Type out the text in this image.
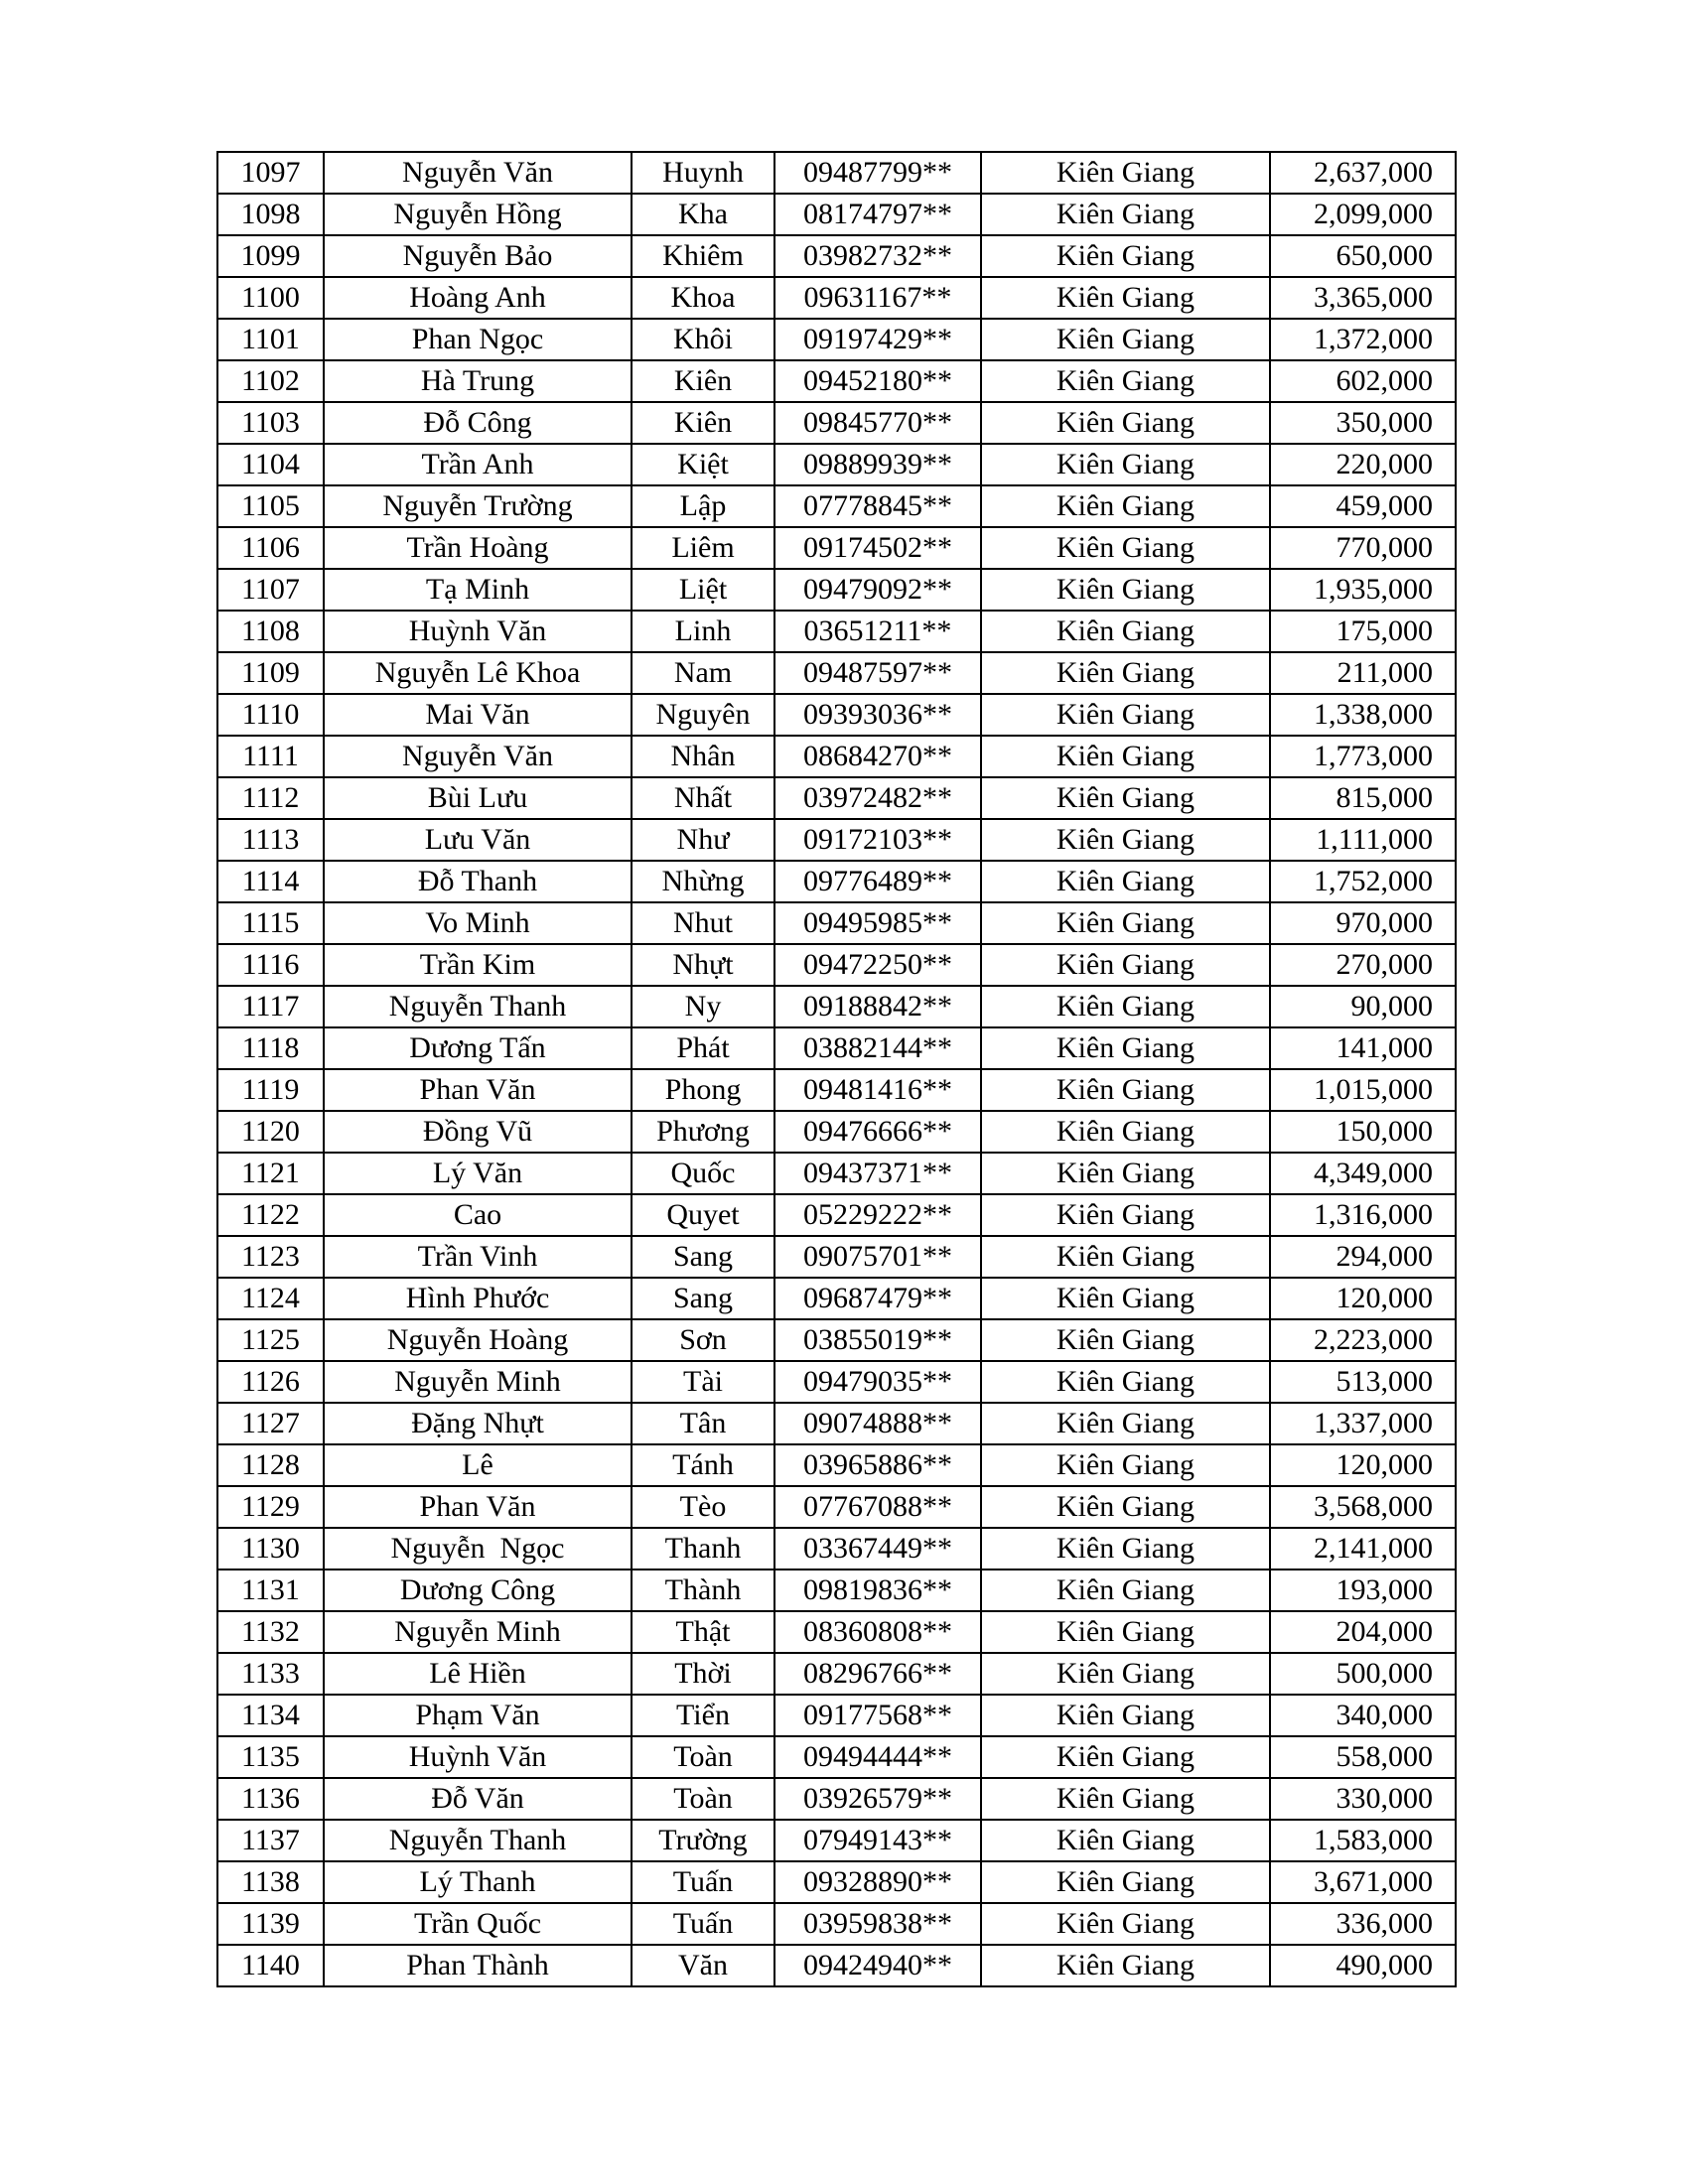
1097	Nguyễn Văn	Huynh	09487799**	Kiên Giang	2,637,000
1098	Nguyễn Hồng	Kha	08174797**	Kiên Giang	2,099,000
1099	Nguyễn Bảo	Khiêm	03982732**	Kiên Giang	650,000
1100	Hoàng Anh	Khoa	09631167**	Kiên Giang	3,365,000
1101	Phan Ngọc	Khôi	09197429**	Kiên Giang	1,372,000
1102	Hà Trung	Kiên	09452180**	Kiên Giang	602,000
1103	Đỗ Công	Kiên	09845770**	Kiên Giang	350,000
1104	Trần Anh	Kiệt	09889939**	Kiên Giang	220,000
1105	Nguyễn Trường	Lập	07778845**	Kiên Giang	459,000
1106	Trần Hoàng	Liêm	09174502**	Kiên Giang	770,000
1107	Tạ Minh	Liệt	09479092**	Kiên Giang	1,935,000
1108	Huỳnh Văn	Linh	03651211**	Kiên Giang	175,000
1109	Nguyễn Lê Khoa	Nam	09487597**	Kiên Giang	211,000
1110	Mai Văn	Nguyên	09393036**	Kiên Giang	1,338,000
1111	Nguyễn Văn	Nhân	08684270**	Kiên Giang	1,773,000
1112	Bùi Lưu	Nhất	03972482**	Kiên Giang	815,000
1113	Lưu Văn	Như	09172103**	Kiên Giang	1,111,000
1114	Đỗ Thanh	Nhừng	09776489**	Kiên Giang	1,752,000
1115	Vo Minh	Nhut	09495985**	Kiên Giang	970,000
1116	Trần Kim	Nhựt	09472250**	Kiên Giang	270,000
1117	Nguyễn Thanh	Ny	09188842**	Kiên Giang	90,000
1118	Dương Tấn	Phát	03882144**	Kiên Giang	141,000
1119	Phan Văn	Phong	09481416**	Kiên Giang	1,015,000
1120	Đồng Vũ	Phương	09476666**	Kiên Giang	150,000
1121	Lý Văn	Quốc	09437371**	Kiên Giang	4,349,000
1122	Cao	Quyet	05229222**	Kiên Giang	1,316,000
1123	Trần Vinh	Sang	09075701**	Kiên Giang	294,000
1124	Hình Phước	Sang	09687479**	Kiên Giang	120,000
1125	Nguyễn Hoàng	Sơn	03855019**	Kiên Giang	2,223,000
1126	Nguyễn Minh	Tài	09479035**	Kiên Giang	513,000
1127	Đặng Nhựt	Tân	09074888**	Kiên Giang	1,337,000
1128	Lê	Tánh	03965886**	Kiên Giang	120,000
1129	Phan Văn	Tèo	07767088**	Kiên Giang	3,568,000
1130	Nguyễn  Ngọc	Thanh	03367449**	Kiên Giang	2,141,000
1131	Dương Công	Thành	09819836**	Kiên Giang	193,000
1132	Nguyễn Minh	Thật	08360808**	Kiên Giang	204,000
1133	Lê Hiền	Thời	08296766**	Kiên Giang	500,000
1134	Phạm Văn	Tiển	09177568**	Kiên Giang	340,000
1135	Huỳnh Văn	Toàn	09494444**	Kiên Giang	558,000
1136	Đỗ Văn	Toàn	03926579**	Kiên Giang	330,000
1137	Nguyễn Thanh	Trường	07949143**	Kiên Giang	1,583,000
1138	Lý Thanh	Tuấn	09328890**	Kiên Giang	3,671,000
1139	Trần Quốc	Tuấn	03959838**	Kiên Giang	336,000
1140	Phan Thành	Văn	09424940**	Kiên Giang	490,000
